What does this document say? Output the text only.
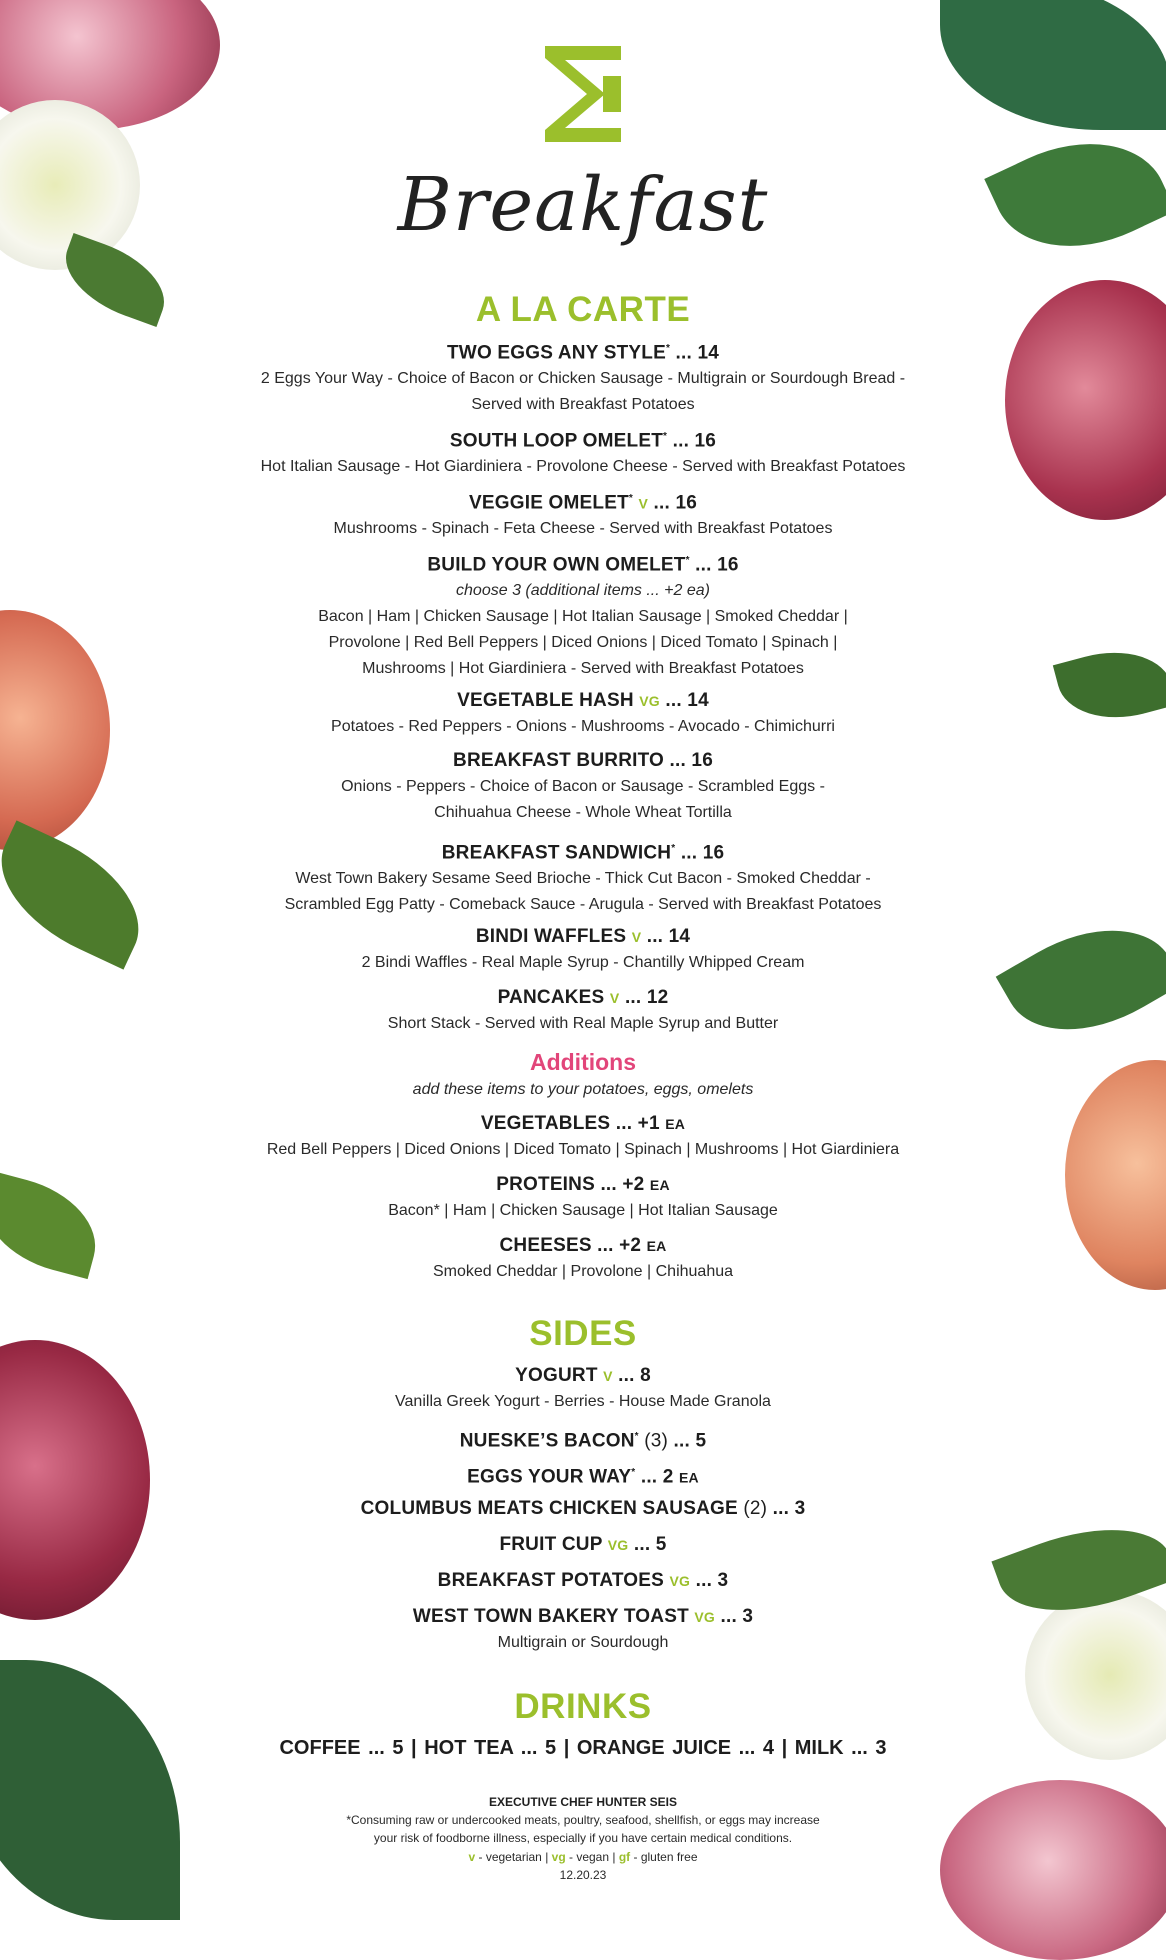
Breakfast
A LA CARTE
TWO EGGS ANY STYLE* ... 14
2 Eggs Your Way - Choice of Bacon or Chicken Sausage - Multigrain or Sourdough Bread -
Served with Breakfast Potatoes
SOUTH LOOP OMELET* ... 16
Hot Italian Sausage - Hot Giardiniera - Provolone Cheese - Served with Breakfast Potatoes
VEGGIE OMELET* V ... 16
Mushrooms - Spinach - Feta Cheese - Served with Breakfast Potatoes
BUILD YOUR OWN OMELET* ... 16
choose 3 (additional items ... +2 ea)
Bacon | Ham | Chicken Sausage | Hot Italian Sausage | Smoked Cheddar |
Provolone | Red Bell Peppers | Diced Onions | Diced Tomato | Spinach |
Mushrooms | Hot Giardiniera - Served with Breakfast Potatoes
VEGETABLE HASH VG ... 14
Potatoes - Red Peppers - Onions - Mushrooms - Avocado - Chimichurri
BREAKFAST BURRITO ... 16
Onions - Peppers - Choice of Bacon or Sausage - Scrambled Eggs -
Chihuahua Cheese - Whole Wheat Tortilla
BREAKFAST SANDWICH* ... 16
West Town Bakery Sesame Seed Brioche - Thick Cut Bacon - Smoked Cheddar -
Scrambled Egg Patty - Comeback Sauce - Arugula - Served with Breakfast Potatoes
BINDI WAFFLES V ... 14
2 Bindi Waffles - Real Maple Syrup - Chantilly Whipped Cream
PANCAKES V ... 12
Short Stack - Served with Real Maple Syrup and Butter
Additions
add these items to your potatoes, eggs, omelets
VEGETABLES ... +1 EA
Red Bell Peppers | Diced Onions | Diced Tomato | Spinach | Mushrooms | Hot Giardiniera
PROTEINS ... +2 EA
Bacon* | Ham | Chicken Sausage | Hot Italian Sausage
CHEESES ... +2 EA
Smoked Cheddar | Provolone | Chihuahua
SIDES
YOGURT V ... 8
Vanilla Greek Yogurt - Berries - House Made Granola
NUESKE’S BACON* (3) ... 5
EGGS YOUR WAY* ... 2 EA
COLUMBUS MEATS CHICKEN SAUSAGE (2) ... 3
FRUIT CUP VG ... 5
BREAKFAST POTATOES VG ... 3
WEST TOWN BAKERY TOAST VG ... 3
Multigrain or Sourdough
DRINKS
COFFEE ... 5 | HOT TEA ... 5 | ORANGE JUICE ... 4 | MILK ... 3
EXECUTIVE CHEF HUNTER SEIS
*Consuming raw or undercooked meats, poultry, seafood, shellfish, or eggs may increase
your risk of foodborne illness, especially if you have certain medical conditions.
v - vegetarian | vg - vegan | gf - gluten free
12.20.23
